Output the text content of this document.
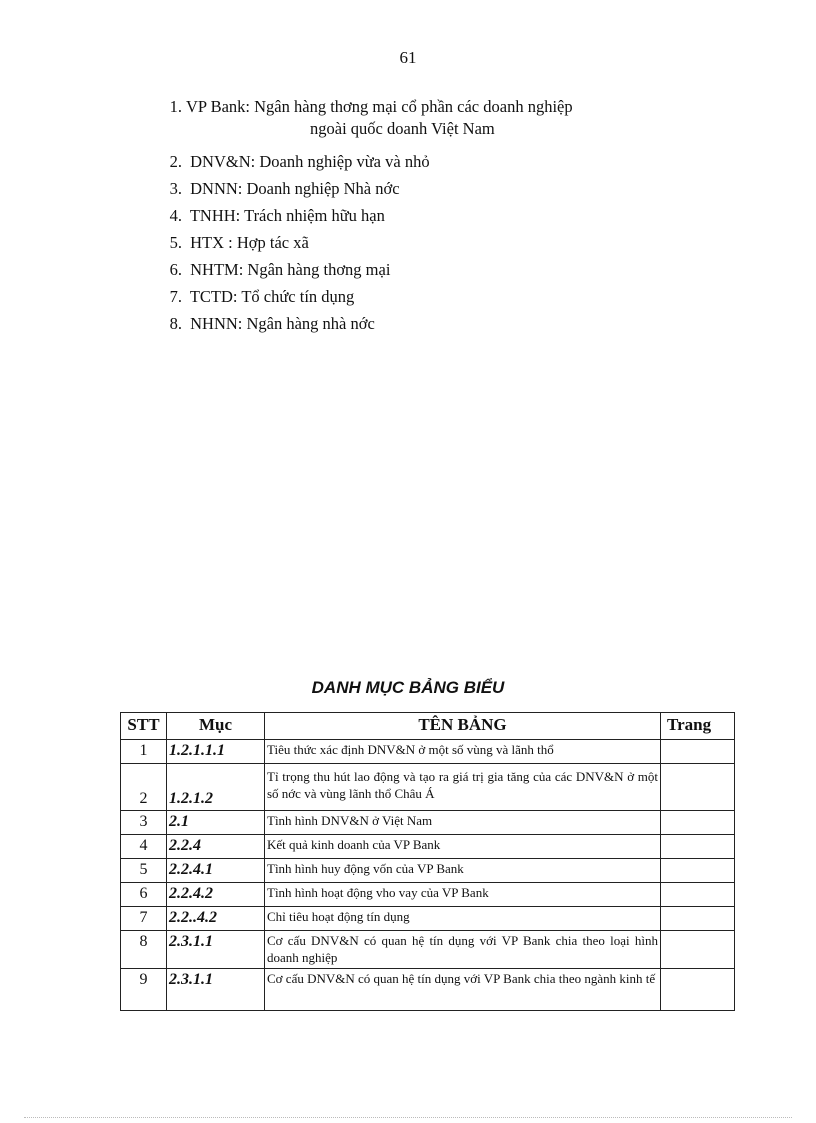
61
1. VP Bank: Ngân hàng thơng mại cổ phần các doanh nghiệp
ngoài quốc doanh Việt Nam
2. DNV&N: Doanh nghiệp vừa và nhỏ
3. DNNN: Doanh nghiệp Nhà nớc
4. TNHH: Trách nhiệm hữu hạn
5. HTX : Hợp tác xã
6. NHTM: Ngân hàng thơng mại
7. TCTD: Tổ chức tín dụng
8. NHNN: Ngân hàng nhà nớc
DANH MỤC BẢNG BIỂU
STT	Mục	TÊN BẢNG	Trang
1	1.2.1.1.1	Tiêu thức xác định DNV&N ở một số vùng và lãnh thổ	
2	1.2.1.2	Tỉ trọng thu hút lao động và tạo ra giá trị gia tăng của các DNV&N ở một số nớc và vùng lãnh thổ Châu Á	
3	2.1	Tình hình DNV&N ở Việt Nam	
4	2.2.4	Kết quả kinh doanh của VP Bank	
5	2.2.4.1	Tình hình huy động vốn của VP Bank	
6	2.2.4.2	Tình hình hoạt động vho vay của VP Bank	
7	2.2..4.2	Chỉ tiêu hoạt động tín dụng	
8	2.3.1.1	Cơ cấu DNV&N có quan hệ tín dụng với VP Bank chia theo loại hình doanh nghiệp	
9	2.3.1.1	Cơ cấu DNV&N có quan hệ tín dụng với VP Bank chia theo ngành kinh tế	
